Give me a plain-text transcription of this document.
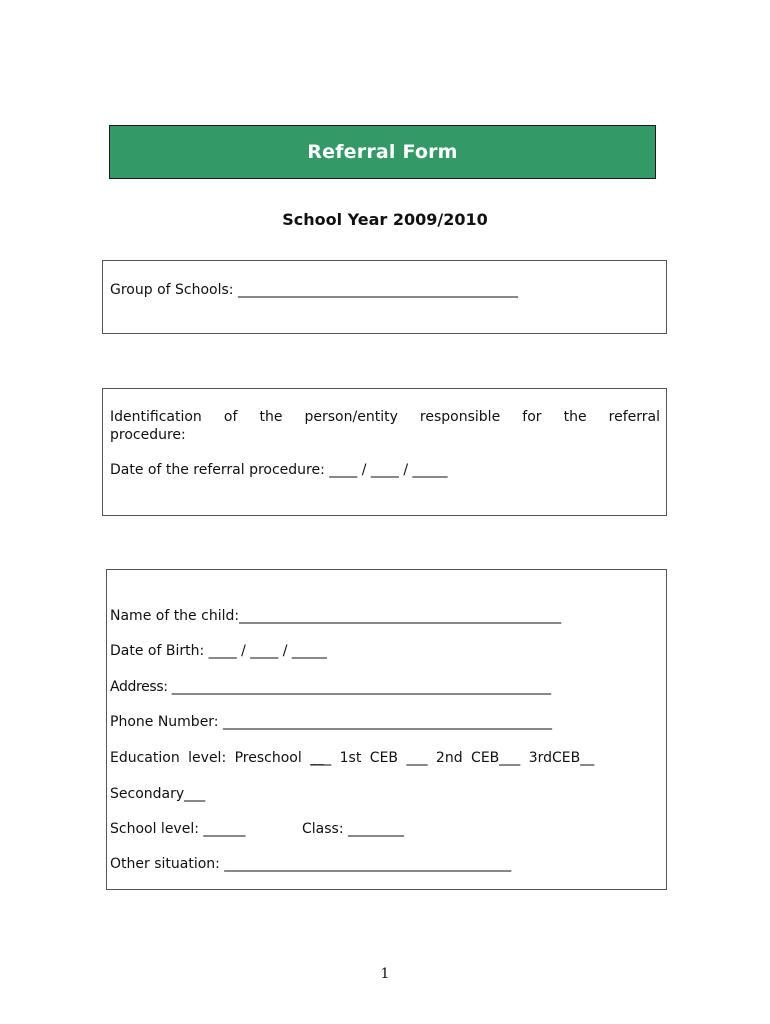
Referral Form
School Year 2009/2010
Group of Schools: ________________________________________
Identification of the person/entity responsible for the referral
procedure:
Date of the referral procedure: ____ / ____ / _____
Name of the child:______________________________________________
Date of Birth: ____ / ____ / _____
Address: _________________________________________________________
Phone Number: _______________________________________________
Education level: Preschool ___ 1st CEB ___ 2nd CEB___ 3rdCEB__
Secondary___
School level: ______	Class: ________
Other situation: _________________________________________
1
